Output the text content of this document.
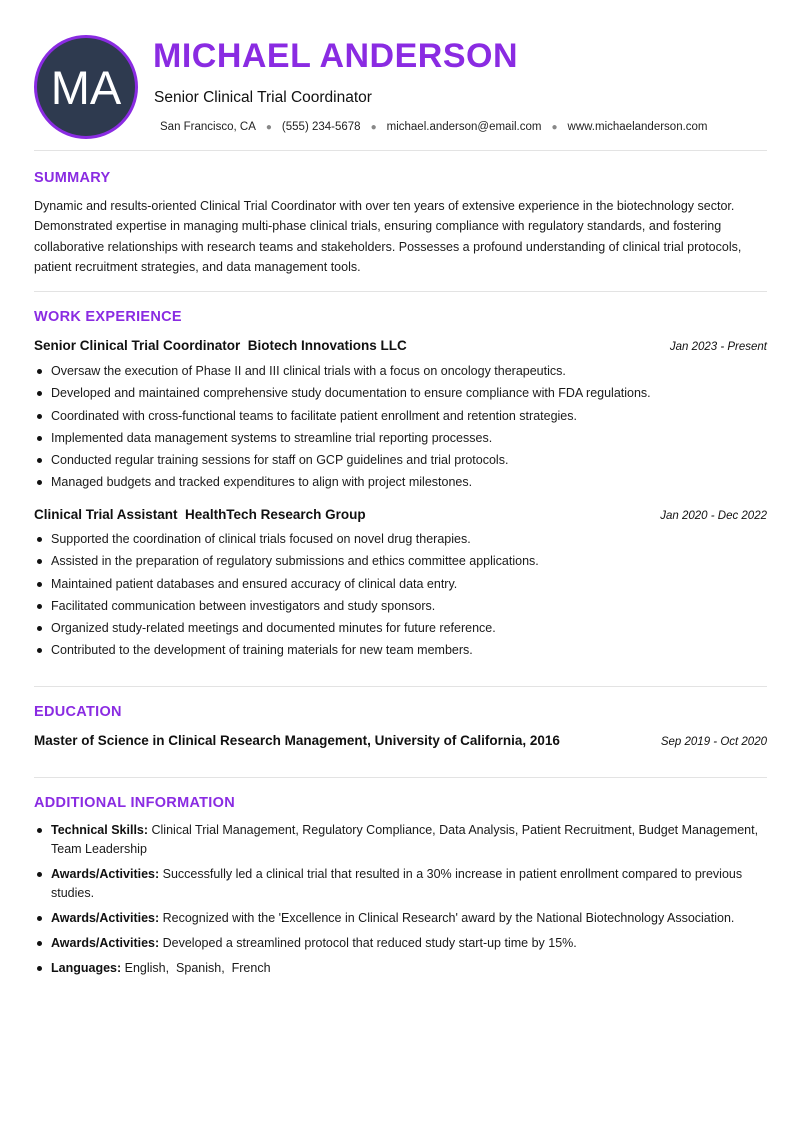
MA
MICHAEL ANDERSON
Senior Clinical Trial Coordinator
San Francisco, CA ● (555) 234-5678 ● michael.anderson@email.com ● www.michaelanderson.com
SUMMARY

Dynamic and results-oriented Clinical Trial Coordinator with over ten years of extensive experience in the biotechnology sector. Demonstrated expertise in managing multi-phase clinical trials, ensuring compliance with regulatory standards, and fostering collaborative relationships with research teams and stakeholders. Possesses a profound understanding of clinical trial protocols, patient recruitment strategies, and data management tools.

WORK EXPERIENCE
Senior Clinical Trial Coordinator  Biotech Innovations LLC	Jan 2023 - Present
Oversaw the execution of Phase II and III clinical trials with a focus on oncology therapeutics.
Developed and maintained comprehensive study documentation to ensure compliance with FDA regulations.
Coordinated with cross-functional teams to facilitate patient enrollment and retention strategies.
Implemented data management systems to streamline trial reporting processes.
Conducted regular training sessions for staff on GCP guidelines and trial protocols.
Managed budgets and tracked expenditures to align with project milestones.
Clinical Trial Assistant  HealthTech Research Group	Jan 2020 - Dec 2022
Supported the coordination of clinical trials focused on novel drug therapies.
Assisted in the preparation of regulatory submissions and ethics committee applications.
Maintained patient databases and ensured accuracy of clinical data entry.
Facilitated communication between investigators and study sponsors.
Organized study-related meetings and documented minutes for future reference.
Contributed to the development of training materials for new team members.
EDUCATION
Master of Science in Clinical Research Management, University of California, 2016	Sep 2019 - Oct 2020
ADDITIONAL INFORMATION
Technical Skills: Clinical Trial Management, Regulatory Compliance, Data Analysis, Patient Recruitment, Budget Management, Team Leadership
Awards/Activities: Successfully led a clinical trial that resulted in a 30% increase in patient enrollment compared to previous studies.
Awards/Activities: Recognized with the 'Excellence in Clinical Research' award by the National Biotechnology Association.
Awards/Activities: Developed a streamlined protocol that reduced study start-up time by 15%.
Languages: English,  Spanish,  French
